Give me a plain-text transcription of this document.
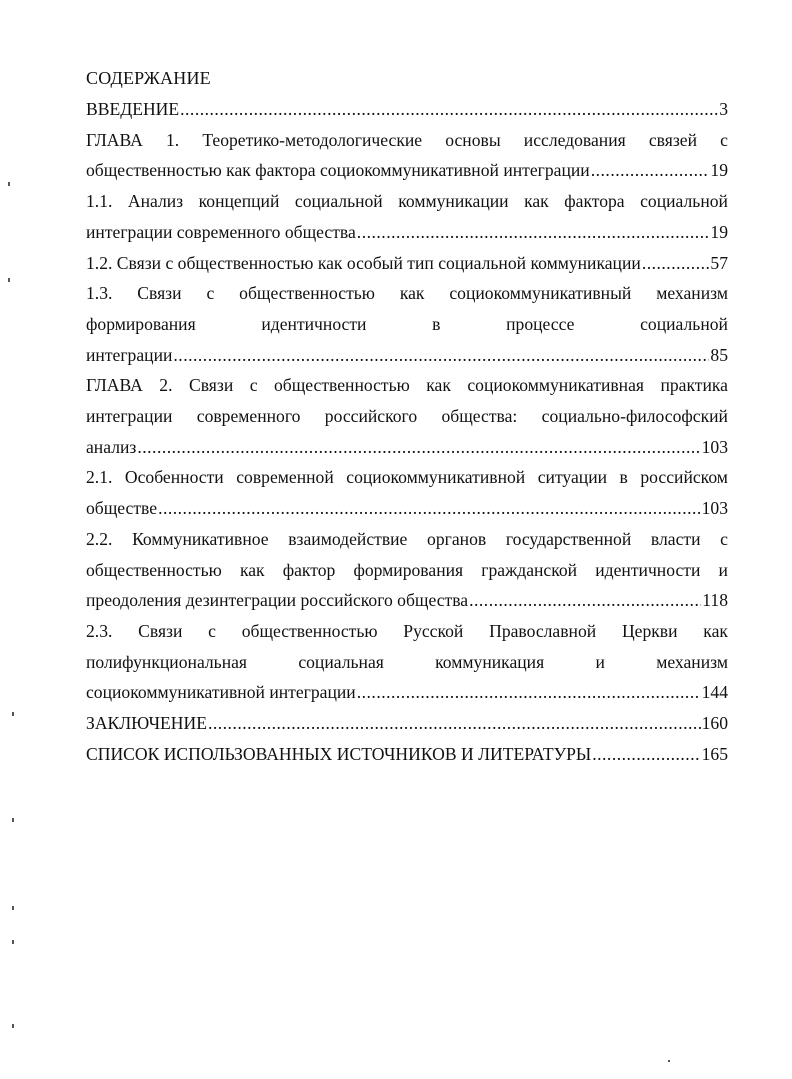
СОДЕРЖАНИЕ
ВВЕДЕНИЕ .....	3
ГЛАВА 1. Теоретико-методологические основы исследования связей с
общественностью как фактора социокоммуникативной интеграции .....	19
1.1. Анализ концепций социальной коммуникации как фактора социальной
интеграции современного общества .....	19
1.2. Связи с общественностью как особый тип социальной коммуникации .....	57
1.3. Связи с общественностью как социокоммуникативный механизм
формирования	идентичности	в	процессе	социальной
интеграции .....	85
ГЛАВА 2. Связи с общественностью как социокоммуникативная практика
интеграции современного российского общества: социально-философский
анализ .....	103
2.1. Особенности современной социокоммуникативной ситуации в российском
обществе .....	103
2.2. Коммуникативное взаимодействие органов государственной власти с
общественностью как фактор формирования гражданской идентичности и
преодоления дезинтеграции российского общества .....	118
2.3. Связи с общественностью Русской Православной Церкви как
полифункциональная	социальная	коммуникация	и	механизм
социокоммуникативной интеграции .....	144
ЗАКЛЮЧЕНИЕ .....	160
СПИСОК ИСПОЛЬЗОВАННЫХ ИСТОЧНИКОВ И ЛИТЕРАТУРЫ .....	165
